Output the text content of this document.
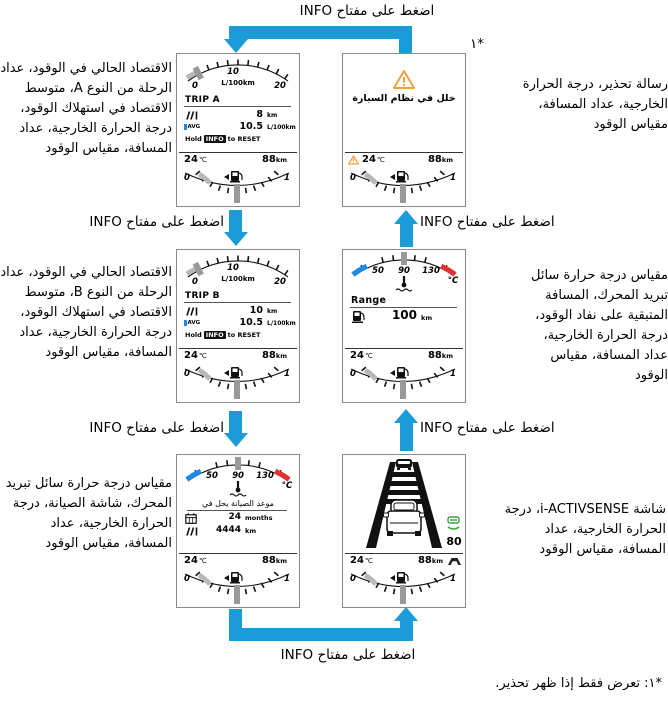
اضغط على مفتاح INFO
*١
الاقتصاد الحالي في الوقود، عداد الرحلة من النوع A، متوسط الاقتصاد في استهلاك الوقود، درجة الحرارة الخارجية، عداد المسافة، مقياس الوقود
رسالة تحذير، درجة الحرارة الخارجية، عداد المسافة، مقياس الوقود
الاقتصاد الحالي في الوقود، عداد الرحلة من النوع B، متوسط الاقتصاد في استهلاك الوقود، درجة الحرارة الخارجية، عداد المسافة، مقياس الوقود
مقياس درجة حرارة سائل تبريد المحرك، المسافة المتبقية على نفاد الوقود، درجة الحرارة الخارجية، عداد المسافة، مقياس الوقود
مقياس درجة حرارة سائل تبريد المحرك، شاشة الصيانة، درجة الحرارة الخارجية، عداد المسافة، مقياس الوقود
شاشة i-ACTIVSENSE، درجة الحرارة الخارجية، عداد المسافة، مقياس الوقود
اضغط على مفتاح INFO	اضغط على مفتاح INFO
اضغط على مفتاح INFO	اضغط على مفتاح INFO
اضغط على مفتاح INFO
*١: تعرض فقط إذا ظهر تحذير.
0
10
20
L/100km
TRIP A
8 km
AVG	10.5 L/100km
Hold INFO to RESET
24 ℃	88 km
0	1
خلل في نظام السيارة
24 ℃	88 km
0	1
0
10
20
L/100km
TRIP B
10 km
AVG	10.5 L/100km
Hold INFO to RESET
24 ℃	88 km
0	1
50 90 130
°C
Range
100 km
24 ℃	88 km
0	1
50 90 130
°C
موعد الصيانة يحل في
24 months
4444 km
24 ℃	88 km
0	1
80
24 ℃	88 km
0	1
